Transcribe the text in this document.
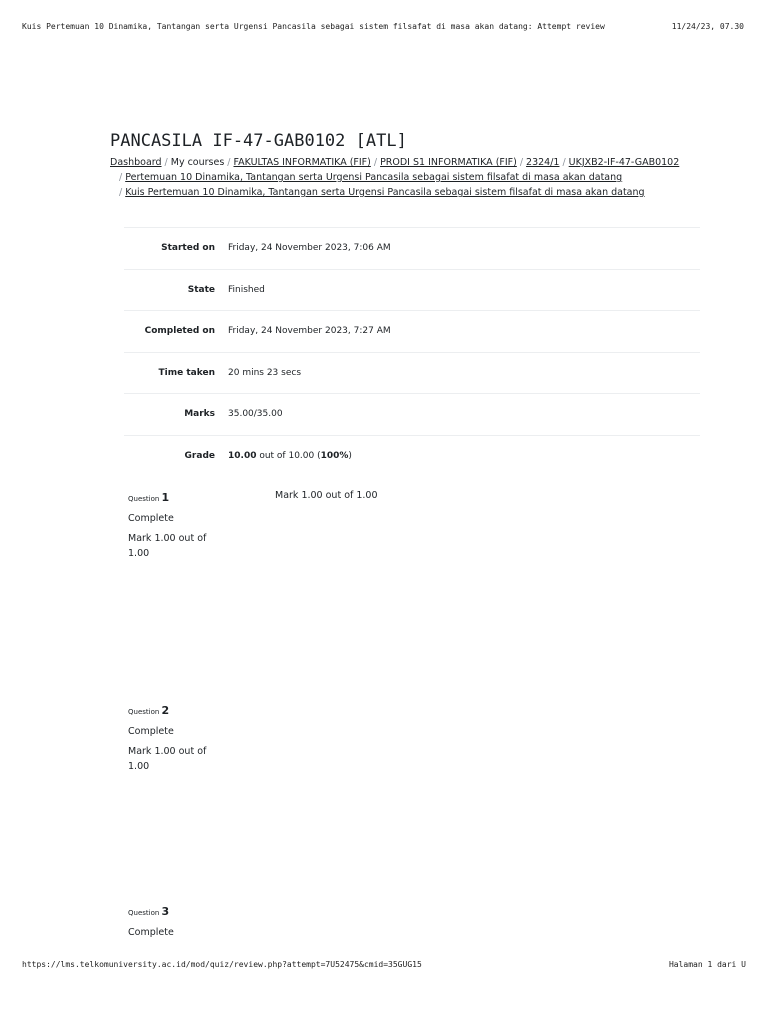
Kuis Pertemuan 10 Dinamika, Tantangan serta Urgensi Pancasila sebagai sistem filsafat di masa akan datang: Attempt review	11/24/23, 07.30
PANCASILA IF-47-GAB0102 [ATL]
Dashboard / My courses / FAKULTAS INFORMATIKA (FIF) / PRODI S1 INFORMATIKA (FIF) / 2324/1 / UKJXB2-IF-47-GAB0102
/ Pertemuan 10 Dinamika, Tantangan serta Urgensi Pancasila sebagai sistem filsafat di masa akan datang
/ Kuis Pertemuan 10 Dinamika, Tantangan serta Urgensi Pancasila sebagai sistem filsafat di masa akan datang
Started on	Friday, 24 November 2023, 7:06 AM
State	Finished
Completed on	Friday, 24 November 2023, 7:27 AM
Time taken	20 mins 23 secs
Marks	35.00/35.00
Grade	10.00 out of 10.00 (100%)
Question 1
Complete
Mark 1.00 out of 1.00
Mark 1.00 out of 1.00
Question 2
Complete
Mark 1.00 out of 1.00
Question 3
Complete
https://lms.telkomuniversity.ac.id/mod/quiz/review.php?attempt=7U52475&cmid=35GUG15	Halaman 1 dari U
